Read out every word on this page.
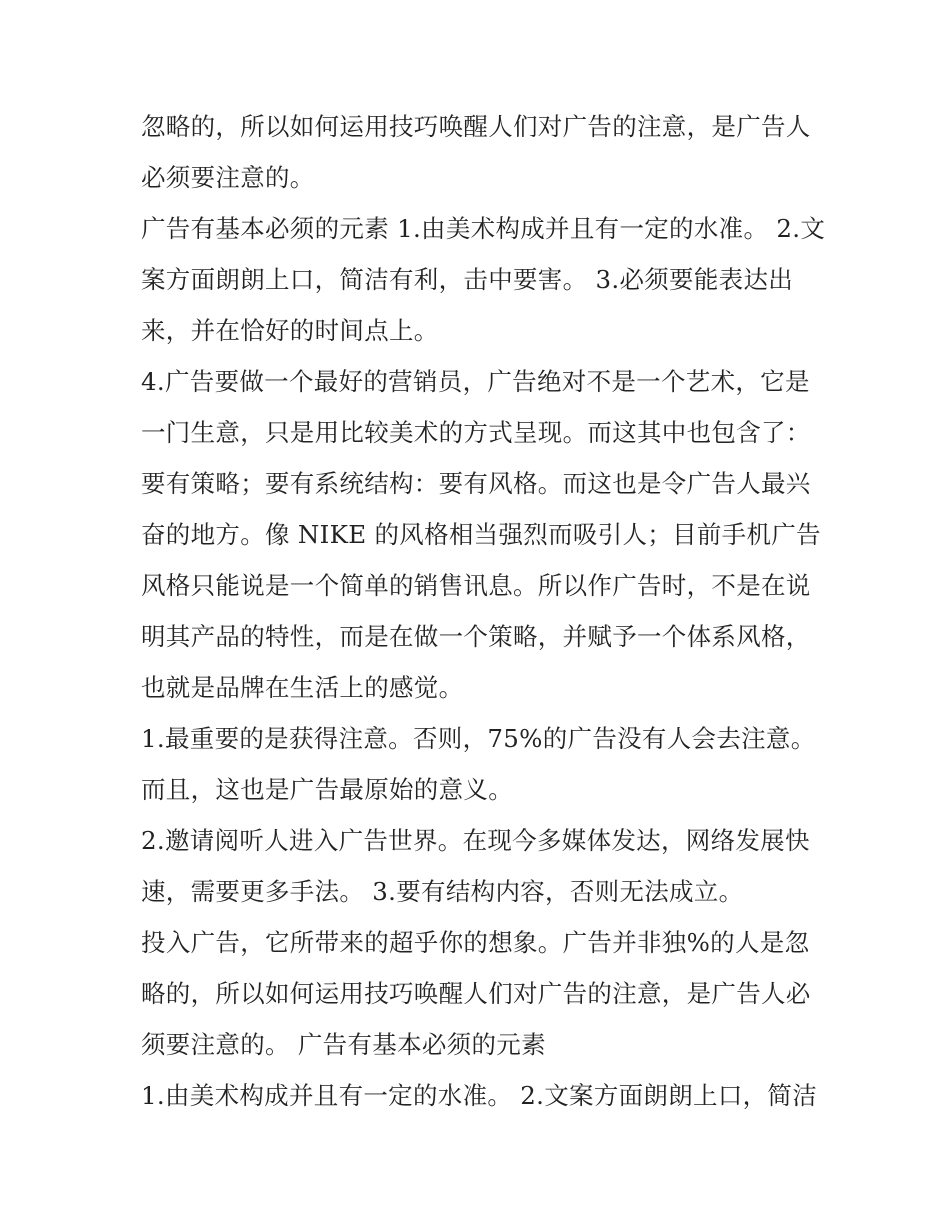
忽略的，所以如何运用技巧唤醒人们对广告的注意，是广告人
必须要注意的。
广告有基本必须的元素 1.由美术构成并且有一定的水准。 2.文
案方面朗朗上口，简洁有利，击中要害。 3.必须要能表达出
来，并在恰好的时间点上。
4.广告要做一个最好的营销员，广告绝对不是一个艺术，它是
一门生意，只是用比较美术的方式呈现。而这其中也包含了：
要有策略；要有系统结构：要有风格。而这也是令广告人最兴
奋的地方。像 NIKE 的风格相当强烈而吸引人；目前手机广告
风格只能说是一个简单的销售讯息。所以作广告时，不是在说
明其产品的特性，而是在做一个策略，并赋予一个体系风格，
也就是品牌在生活上的感觉。
1.最重要的是获得注意。否则，75%的广告没有人会去注意。
而且，这也是广告最原始的意义。
2.邀请阅听人进入广告世界。在现今多媒体发达，网络发展快
速，需要更多手法。 3.要有结构内容，否则无法成立。
投入广告，它所带来的超乎你的想象。广告并非独%的人是忽
略的，所以如何运用技巧唤醒人们对广告的注意，是广告人必
须要注意的。 广告有基本必须的元素
1.由美术构成并且有一定的水准。 2.文案方面朗朗上口，简洁
